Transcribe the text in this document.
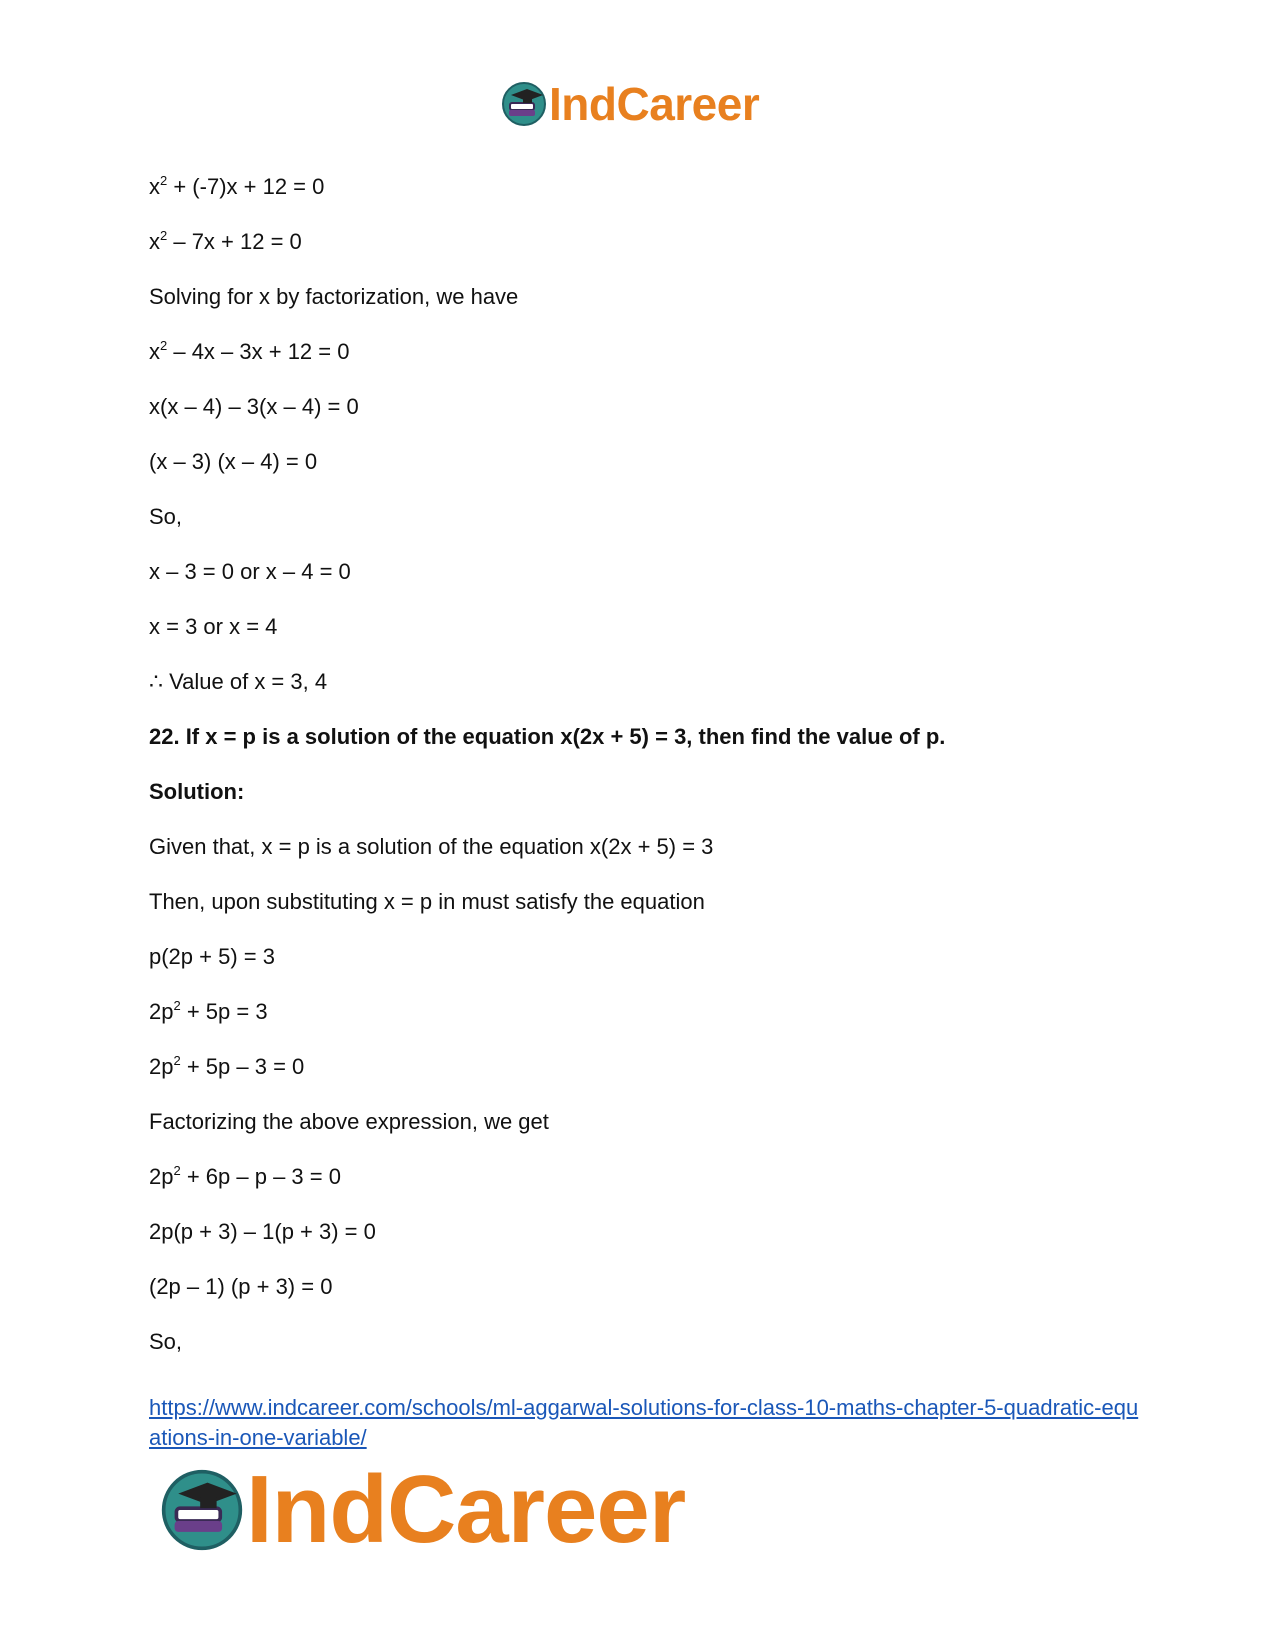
IndCareer
$x^2 + (-7)x + 12 = 0$
$x^2 - 7x + 12 = 0$
Solving for x by factorization, we have
$x^2 - 4x - 3x + 12 = 0$
x(x – 4) – 3(x – 4) = 0
(x – 3) (x – 4) = 0
So,
x – 3 = 0 or x – 4 = 0
x = 3 or x = 4
∴ Value of x = 3, 4
22. If x = p is a solution of the equation x(2x + 5) = 3, then find the value of p.
Solution:
Given that, x = p is a solution of the equation x(2x + 5) = 3
Then, upon substituting x = p in must satisfy the equation
p(2p + 5) = 3
$2p^2 + 5p = 3$
$2p^2 + 5p - 3 = 0$
Factorizing the above expression, we get
$2p^2 + 6p - p - 3 = 0$
2p(p + 3) – 1(p + 3) = 0
(2p – 1) (p + 3) = 0
So,
https://www.indcareer.com/schools/ml-aggarwal-solutions-for-class-10-maths-chapter-5-quadratic-equations-in-one-variable/
IndCareer
